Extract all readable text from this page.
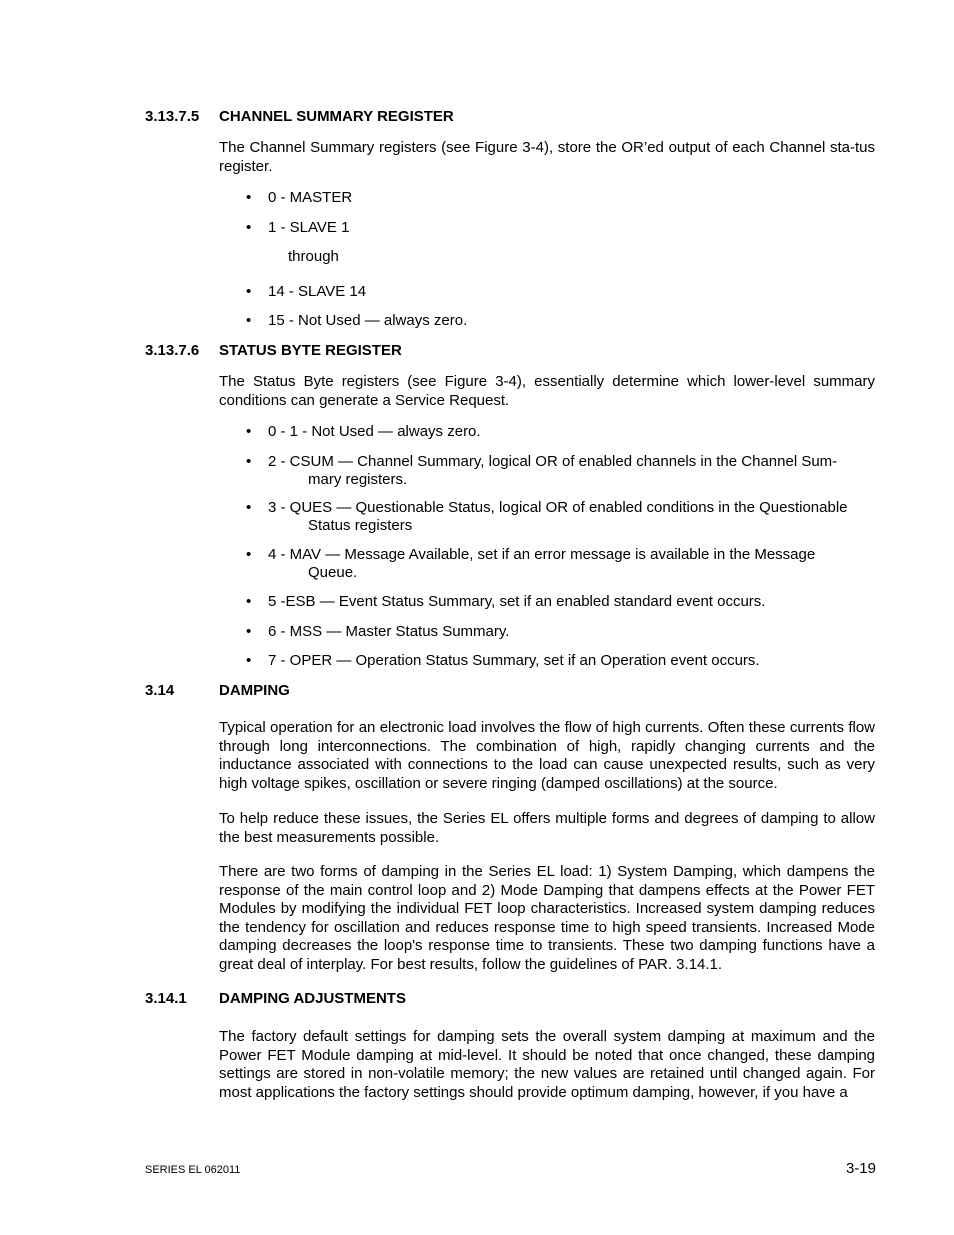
3.13.7.5 CHANNEL SUMMARY REGISTER
The Channel Summary registers (see Figure 3-4), store the OR’ed output of each Channel sta-tus register.
• 0 - MASTER
• 1 - SLAVE 1
through
• 14 - SLAVE 14
• 15 - Not Used — always zero.
3.13.7.6 STATUS BYTE REGISTER
The Status Byte registers (see Figure 3-4), essentially determine which lower-level summary conditions can generate a Service Request.
• 0 - 1 - Not Used — always zero.
• 2 - CSUM — Channel Summary, logical OR of enabled channels in the Channel Sum-
mary registers.
• 3 - QUES — Questionable Status, logical OR of enabled conditions in the Questionable
Status registers
• 4 - MAV — Message Available, set if an error message is available in the Message
Queue.
• 5 -ESB — Event Status Summary, set if an enabled standard event occurs.
• 6 - MSS — Master Status Summary.
• 7 - OPER — Operation Status Summary, set if an Operation event occurs.
3.14	DAMPING
Typical operation for an electronic load involves the flow of high currents. Often these currents flow through long interconnections. The combination of high, rapidly changing currents and the inductance associated with connections to the load can cause unexpected results, such as very high voltage spikes, oscillation or severe ringing (damped oscillations) at the source.
To help reduce these issues, the Series EL offers multiple forms and degrees of damping to allow the best measurements possible.
There are two forms of damping in the Series EL load: 1) System Damping, which dampens the response of the main control loop and 2) Mode Damping that dampens effects at the Power FET Modules by modifying the individual FET loop characteristics. Increased system damping reduces the tendency for oscillation and reduces response time to high speed transients. Increased Mode damping decreases the loop's response time to transients. These two damping functions have a great deal of interplay. For best results, follow the guidelines of PAR. 3.14.1.
3.14.1 DAMPING ADJUSTMENTS
The factory default settings for damping sets the overall system damping at maximum and the Power FET Module damping at mid-level. It should be noted that once changed, these damping settings are stored in non-volatile memory; the new values are retained until changed again. For most applications the factory settings should provide optimum damping, however, if you have a
SERIES EL 062011	3-19
